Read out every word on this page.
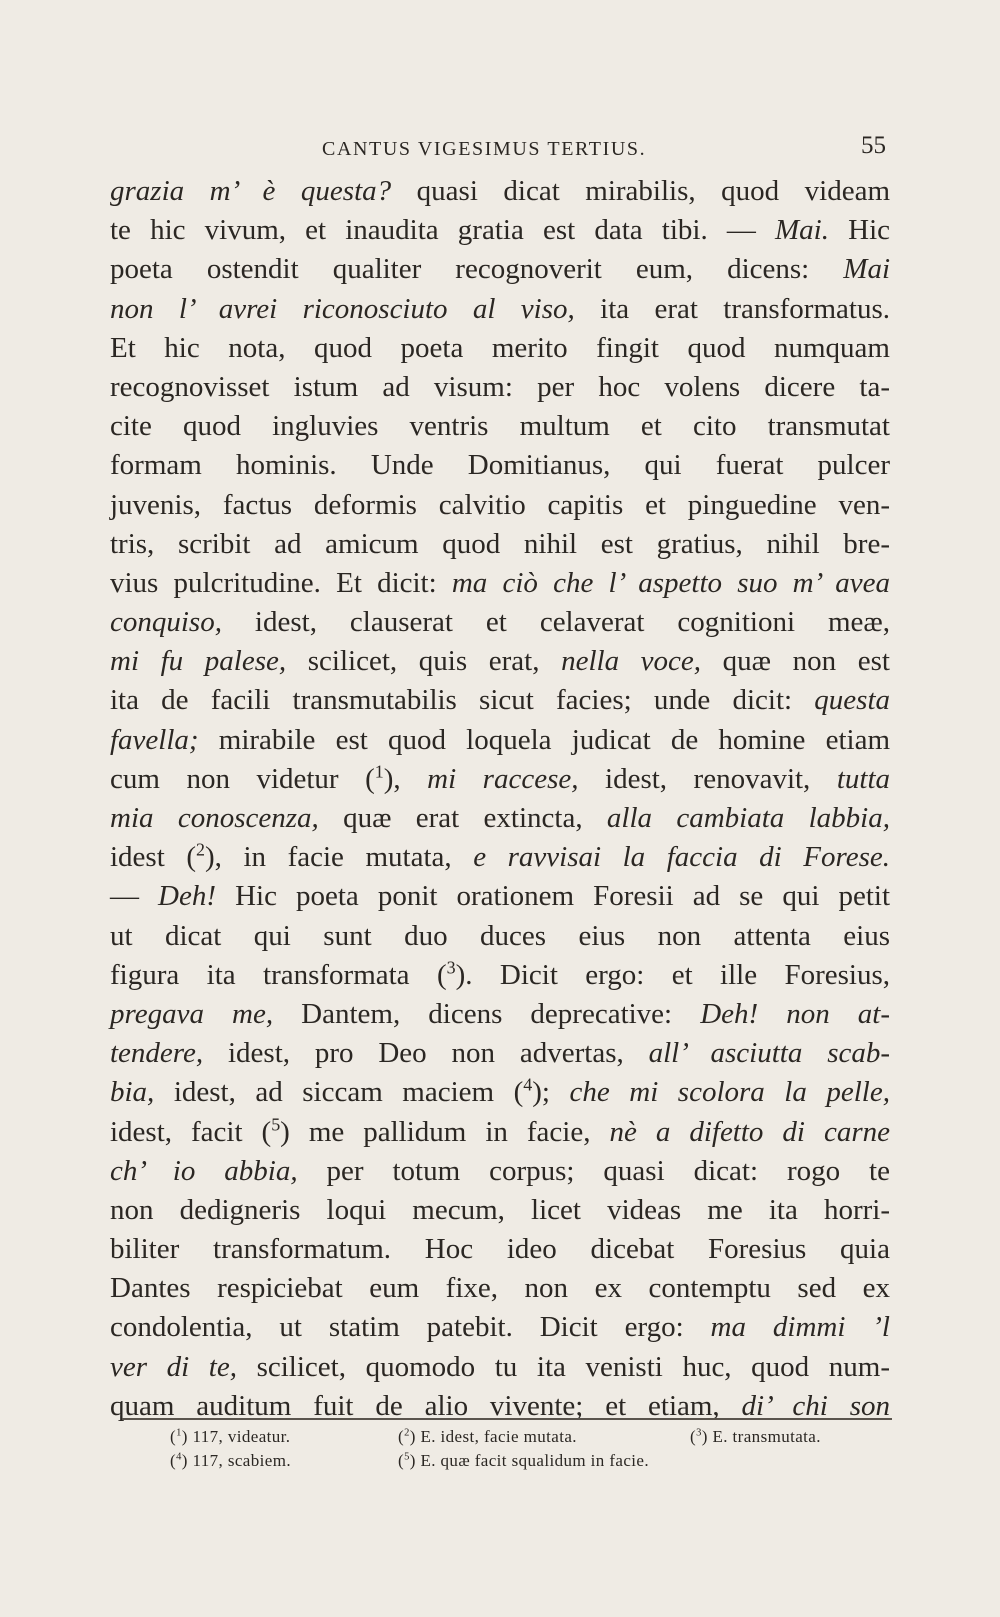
CANTUS VIGESIMUS TERTIUS.	55
grazia m’ è questa? quasi dicat mirabilis, quod videam
te hic vivum, et inaudita gratia est data tibi. — Mai. Hic
poeta ostendit qualiter recognoverit eum, dicens: Mai
non l’ avrei riconosciuto al viso, ita erat transformatus.
Et hic nota, quod poeta merito fingit quod numquam
recognovisset istum ad visum: per hoc volens dicere ta-
cite quod ingluvies ventris multum et cito transmutat
formam hominis. Unde Domitianus, qui fuerat pulcer
juvenis, factus deformis calvitio capitis et pinguedine ven-
tris, scribit ad amicum quod nihil est gratius, nihil bre-
vius pulcritudine. Et dicit: ma ciò che l’ aspetto suo m’ avea
conquiso, idest, clauserat et celaverat cognitioni meæ,
mi fu palese, scilicet, quis erat, nella voce, quæ non est
ita de facili transmutabilis sicut facies; unde dicit: questa
favella; mirabile est quod loquela judicat de homine etiam
cum non videtur ($^1$), mi raccese, idest, renovavit, tutta
mia conoscenza, quæ erat extincta, alla cambiata labbia,
idest ($^2$), in facie mutata, e ravvisai la faccia di Forese.
— Deh! Hic poeta ponit orationem Foresii ad se qui petit
ut dicat qui sunt duo duces eius non attenta eius
figura ita transformata ($^3$). Dicit ergo: et ille Foresius,
pregava me, Dantem, dicens deprecative: Deh! non at-
tendere, idest, pro Deo non advertas, all’ asciutta scab-
bia, idest, ad siccam maciem ($^4$); che mi scolora la pelle,
idest, facit ($^5$) me pallidum in facie, nè a difetto di carne
ch’ io abbia, per totum corpus; quasi dicat: rogo te
non dedigneris loqui mecum, licet videas me ita horri-
biliter transformatum. Hoc ideo dicebat Foresius quia
Dantes respiciebat eum fixe, non ex contemptu sed ex
condolentia, ut statim patebit. Dicit ergo: ma dimmi ’l
ver di te, scilicet, quomodo tu ita venisti huc, quod num-
quam auditum fuit de alio vivente; et etiam, di’ chi son
($^1$) 117, videatur.	($^2$) E. idest, facie mutata.	($^3$) E. transmutata.
($^4$) 117, scabiem.	($^5$) E. quæ facit squalidum in facie.
